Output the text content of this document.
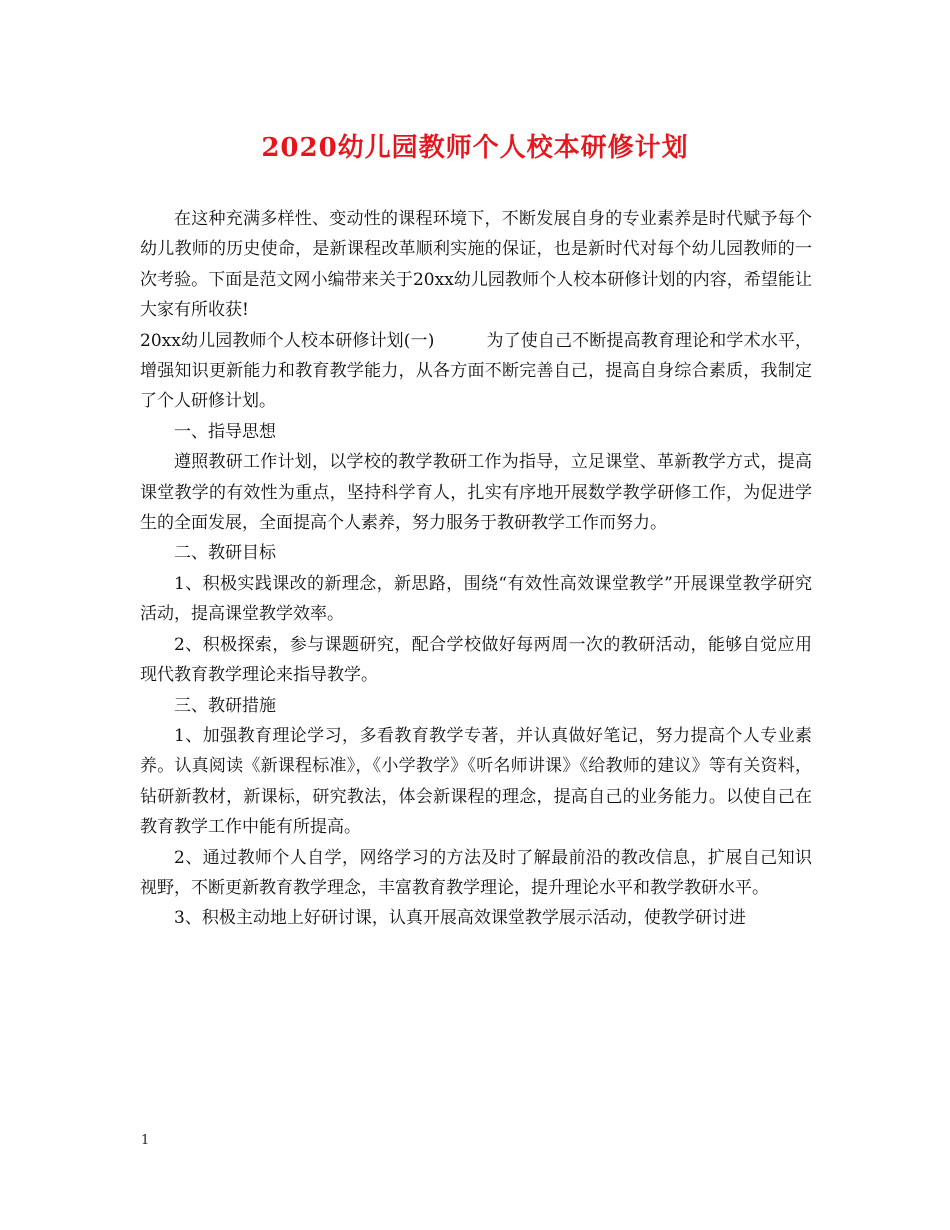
2020幼儿园教师个人校本研修计划

在这种充满多样性、变动性的课程环境下，不断发展自身的专业素养是时代赋予每个幼儿教师的历史使命，是新课程改革顺利实施的保证，也是新时代对每个幼儿园教师的一次考验。下面是范文网小编带来关于20xx幼儿园教师个人校本研修计划的内容，希望能让大家有所收获!

20xx幼儿园教师个人校本研修计划(一)	为了使自己不断提高教育理论和学术水平，增强知识更新能力和教育教学能力，从各方面不断完善自己，提高自身综合素质，我制定了个人研修计划。

一、指导思想

遵照教研工作计划，以学校的教学教研工作为指导，立足课堂、革新教学方式，提高课堂教学的有效性为重点，坚持科学育人，扎实有序地开展数学教学研修工作，为促进学生的全面发展，全面提高个人素养，努力服务于教研教学工作而努力。

二、教研目标

1、积极实践课改的新理念，新思路，围绕“有效性高效课堂教学”开展课堂教学研究活动，提高课堂教学效率。

2、积极探索，参与课题研究，配合学校做好每两周一次的教研活动，能够自觉应用现代教育教学理论来指导教学。

三、教研措施

1、加强教育理论学习，多看教育教学专著，并认真做好笔记，努力提高个人专业素养。认真阅读《新课程标准》，《小学教学》《听名师讲课》《给教师的建议》等有关资料，钻研新教材，新课标，研究教法，体会新课程的理念，提高自己的业务能力。以使自己在教育教学工作中能有所提高。

2、通过教师个人自学，网络学习的方法及时了解最前沿的教改信息，扩展自己知识视野，不断更新教育教学理念，丰富教育教学理论，提升理论水平和教学教研水平。

3、积极主动地上好研讨课，认真开展高效课堂教学展示活动，使教学研讨进

1
